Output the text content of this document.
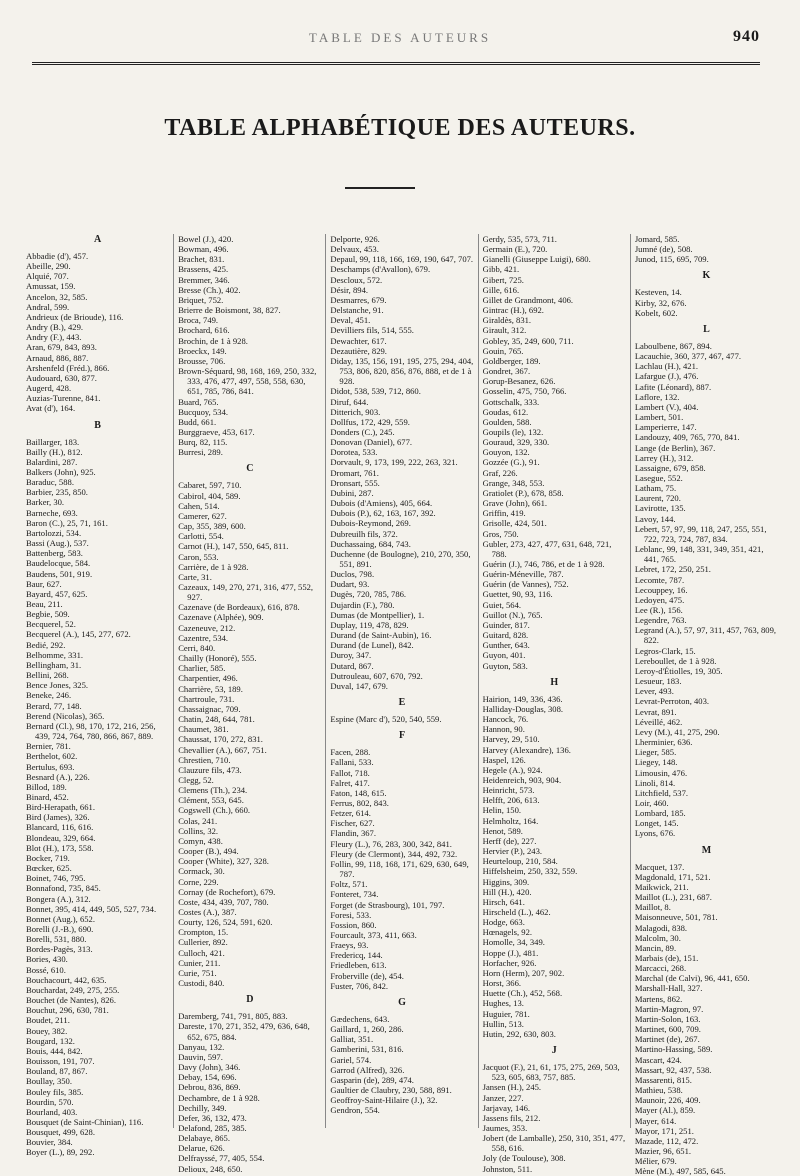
TABLE DES AUTEURS	940
TABLE ALPHABÉTIQUE DES AUTEURS.
A
Abbadie (d'), 457.
Abeille, 290.
Alquié, 707.
Amussat, 159.
Ancelon, 32, 585.
Andral, 599.
Andrieux (de Brioude), 116.
Andry (B.), 429.
Andry (F.), 443.
Aran, 679, 843, 893.
Arnaud, 886, 887.
Arshenfeld (Fréd.), 866.
Audouard, 630, 877.
Augerd, 428.
Auzias-Turenne, 841.
Avat (d'), 164.
B
Baillarger, 183.
Bailly (H.), 812.
Balardini, 287.
Balkers (John), 925.
Baraduc, 588.
Barbier, 235, 850.
Barker, 30.
Barneche, 693.
Baron (C.), 25, 71, 161.
Bartolozzi, 534.
Bassi (Aug.), 537.
Battenberg, 583.
Baudelocque, 584.
Baudens, 501, 919.
Baur, 627.
Bayard, 457, 625.
Beau, 211.
Begbie, 509.
Becquerel, 52.
Becquerel (A.), 145, 277, 672.
Bedié, 292.
Belhomme, 331.
Bellingham, 31.
Bellini, 268.
Bence Jones, 325.
Beneke, 246.
Berard, 77, 148.
Berend (Nicolas), 365.
Bernard (Cl.), 98, 170, 172, 216, 256, 439, 724, 764, 780, 866, 867, 889.
Bernier, 781.
Berthelot, 602.
Bertulus, 693.
Besnard (A.), 226.
Billod, 189.
Binard, 452.
Bird-Herapath, 661.
Bird (James), 326.
Blancard, 116, 616.
Blondeau, 329, 664.
Blot (H.), 173, 558.
Bocker, 719.
Bœcker, 625.
Boinet, 746, 795.
Bonnafond, 735, 845.
Bongera (A.), 312.
Bonnet, 395, 414, 449, 505, 527, 734.
Bonnet (Aug.), 652.
Borelli (J.-B.), 690.
Borelli, 531, 880.
Bordes-Pagès, 313.
Bories, 430.
Bossé, 610.
Bouchacourt, 442, 635.
Bouchardat, 249, 275, 255.
Bouchet (de Nantes), 826.
Bouchut, 296, 630, 781.
Boudet, 211.
Bouey, 382.
Bougard, 132.
Bouis, 444, 842.
Bouisson, 191, 707.
Bouland, 87, 867.
Boullay, 350.
Bouley fils, 385.
Bourdin, 570.
Bourland, 403.
Bousquet (de Saint-Chinian), 116.
Bousquet, 499, 628.
Bouvier, 384.
Boyer (L.), 89, 292.
Bowel (J.), 420.
Bowman, 496.
Brachet, 831.
Brassens, 425.
Bremmer, 346.
Bresse (Ch.), 402.
Briquet, 752.
Brierre de Boismont, 38, 827.
Broca, 749.
Brochard, 616.
Brochin, de 1 à 928.
Broeckx, 149.
Brousse, 706.
Brown-Séquard, 98, 168, 169, 250, 332, 333, 476, 477, 497, 558, 558, 630, 651, 785, 786, 841.
Buard, 765.
Bucquoy, 534.
Budd, 661.
Burggraeve, 453, 617.
Burq, 82, 115.
Burresi, 289.
C
Cabaret, 597, 710.
Cabirol, 404, 589.
Cahen, 514.
Camerer, 627.
Cap, 355, 389, 600.
Carlotti, 554.
Carnot (H.), 147, 550, 645, 811.
Caron, 553.
Carrière, de 1 à 928.
Carte, 31.
Cazeaux, 149, 270, 271, 316, 477, 552, 927.
Cazenave (de Bordeaux), 616, 878.
Cazenave (Alphée), 909.
Cazeneuve, 212.
Cazentre, 534.
Cerri, 840.
Chailly (Honoré), 555.
Charlier, 585.
Charpentier, 496.
Charrière, 53, 189.
Chartroule, 731.
Chassaignac, 709.
Chatin, 248, 644, 781.
Chaumet, 381.
Chaussat, 170, 272, 831.
Chevallier (A.), 667, 751.
Chrestien, 710.
Clauzure fils, 473.
Clegg, 52.
Clemens (Th.), 234.
Clément, 553, 645.
Cogswell (Ch.), 660.
Colas, 241.
Collins, 32.
Comyn, 438.
Cooper (B.), 494.
Cooper (White), 327, 328.
Cormack, 30.
Corne, 229.
Cornay (de Rochefort), 679.
Coste, 434, 439, 707, 780.
Costes (A.), 387.
Courty, 126, 524, 591, 620.
Crompton, 15.
Cullerier, 892.
Culloch, 421.
Cunier, 211.
Curie, 751.
Custodi, 840.
D
Daremberg, 741, 791, 805, 883.
Dareste, 170, 271, 352, 479, 636, 648, 652, 675, 884.
Danyau, 132.
Dauvin, 597.
Davy (John), 346.
Debay, 154, 696.
Debrou, 836, 869.
Dechambre, de 1 à 928.
Dechilly, 349.
Defer, 36, 132, 473.
Delafond, 285, 385.
Delabaye, 865.
Delarue, 626.
Delfrayssé, 77, 405, 554.
Delioux, 248, 650.
Delporte, 926.
Delvaux, 453.
Depaul, 99, 118, 166, 169, 190, 647, 707.
Deschamps (d'Avallon), 679.
Descloux, 572.
Désir, 894.
Desmarres, 679.
Delstanche, 91.
Deval, 451.
Devilliers fils, 514, 555.
Dewachter, 617.
Dezautière, 829.
Diday, 135, 156, 191, 195, 275, 294, 404, 753, 806, 820, 856, 876, 888, et de 1 à 928.
Didot, 538, 539, 712, 860.
Diruf, 644.
Ditterich, 903.
Dollfus, 172, 429, 559.
Donders (C.), 245.
Donovan (Daniel), 677.
Dorotea, 533.
Dorvault, 9, 173, 199, 222, 263, 321.
Dromart, 761.
Dronsart, 555.
Dubini, 287.
Dubois (d'Amiens), 405, 664.
Dubois (P.), 62, 163, 167, 392.
Dubois-Reymond, 269.
Dubreuilh fils, 372.
Duchassaing, 684, 743.
Duchenne (de Boulogne), 210, 270, 350, 551, 891.
Duclos, 798.
Dudart, 93.
Dugès, 720, 785, 786.
Dujardin (F.), 780.
Dumas (de Montpellier), 1.
Duplay, 119, 478, 829.
Durand (de Saint-Aubin), 16.
Durand (de Lunel), 842.
Duroy, 347.
Dutard, 867.
Dutrouleau, 607, 670, 792.
Duval, 147, 679.
E
Espine (Marc d'), 520, 540, 559.
F
Facen, 288.
Fallani, 533.
Fallot, 718.
Falret, 417.
Faton, 148, 615.
Ferrus, 802, 843.
Fetzer, 614.
Fischer, 627.
Flandin, 367.
Fleury (L.), 76, 283, 300, 342, 841.
Fleury (de Clermont), 344, 492, 732.
Follin, 99, 118, 168, 171, 629, 630, 649, 787.
Foltz, 571.
Fonteret, 734.
Forget (de Strasbourg), 101, 797.
Foresi, 533.
Fossion, 860.
Fourcault, 373, 411, 663.
Fraeys, 93.
Fredericq, 144.
Friedleben, 613.
Froberville (de), 454.
Fuster, 706, 842.
G
Gædechens, 643.
Gaillard, 1, 260, 286.
Galliat, 351.
Gamberini, 531, 816.
Gariel, 574.
Garrod (Alfred), 326.
Gasparin (de), 289, 474.
Gaultier de Claubry, 230, 588, 891.
Geoffroy-Saint-Hilaire (J.), 32.
Gendron, 554.
Gerdy, 535, 573, 711.
Germain (E.), 720.
Gianelli (Giuseppe Luigi), 680.
Gibb, 421.
Gibert, 725.
Gille, 616.
Gillet de Grandmont, 406.
Gintrac (H.), 692.
Giraldès, 831.
Girault, 312.
Gobley, 35, 249, 600, 711.
Gouin, 765.
Goldberger, 189.
Gondret, 367.
Gorup-Besanez, 626.
Gosselin, 475, 750, 766.
Gottschalk, 333.
Goudas, 612.
Goulden, 588.
Goupils (le), 132.
Gouraud, 329, 330.
Gouyon, 132.
Gozzée (G.), 91.
Graf, 226.
Grange, 348, 553.
Gratiolet (P.), 678, 858.
Grave (John), 661.
Griffin, 419.
Grisolle, 424, 501.
Gros, 750.
Gubler, 273, 427, 477, 631, 648, 721, 788.
Guérin (J.), 746, 786, et de 1 à 928.
Guérin-Méneville, 787.
Guérin (de Vannes), 752.
Guettet, 90, 93, 116.
Guiet, 564.
Guillot (N.), 765.
Guinder, 817.
Guitard, 828.
Gunther, 643.
Guyon, 401.
Guyton, 583.
H
Hairion, 149, 336, 436.
Halliday-Douglas, 308.
Hancock, 76.
Hannon, 90.
Harvey, 29, 510.
Harvey (Alexandre), 136.
Haspel, 126.
Hegele (A.), 924.
Heidenreich, 903, 904.
Heinricht, 573.
Helfft, 206, 613.
Helin, 150.
Helmholtz, 164.
Henot, 589.
Herff (de), 227.
Hervier (P.), 243.
Heurteloup, 210, 584.
Hiffelsheim, 250, 332, 559.
Higgins, 309.
Hill (H.), 420.
Hirsch, 641.
Hirscheld (L.), 462.
Hodge, 663.
Hœnagels, 92.
Homolle, 34, 349.
Hoppe (J.), 481.
Horfacher, 926.
Horn (Herm), 207, 902.
Horst, 366.
Huette (Ch.), 452, 568.
Hughes, 13.
Huguier, 781.
Hullin, 513.
Hutin, 292, 630, 803.
J
Jacquot (F.), 21, 61, 175, 275, 269, 503, 523, 605, 683, 757, 885.
Jansen (H.), 245.
Janzer, 227.
Jarjavay, 146.
Jassens fils, 212.
Jaumes, 353.
Jobert (de Lamballe), 250, 310, 351, 477, 558, 616.
Joly (de Toulouse), 308.
Johnston, 511.
Jomard, 585.
Jumné (de), 508.
Junod, 115, 695, 709.
K
Kesteven, 14.
Kirby, 32, 676.
Kobelt, 602.
L
Laboulbene, 867, 894.
Lacauchie, 360, 377, 467, 477.
Lachlau (H.), 421.
Lafargue (J.), 476.
Lafite (Léonard), 887.
Laflore, 132.
Lambert (V.), 404.
Lambert, 501.
Lamperierre, 147.
Landouzy, 409, 765, 770, 841.
Lange (de Berlin), 367.
Larrey (H.), 312.
Lassaigne, 679, 858.
Lasegue, 552.
Latham, 75.
Laurent, 720.
Lavirotte, 135.
Lavoy, 144.
Lebert, 57, 97, 99, 118, 247, 255, 551, 722, 723, 724, 787, 834.
Leblanc, 99, 148, 331, 349, 351, 421, 441, 765.
Lebret, 172, 250, 251.
Lecomte, 787.
Lecouppey, 16.
Ledoyen, 475.
Lee (R.), 156.
Legendre, 763.
Legrand (A.), 57, 97, 311, 457, 763, 809, 822.
Legros-Clark, 15.
Lereboullet, de 1 à 928.
Leroy-d'Étiolles, 19, 305.
Lesueur, 183.
Lever, 493.
Levrat-Perroton, 403.
Levrat, 891.
Léveillé, 462.
Levy (M.), 41, 275, 290.
Lherminier, 636.
Lieger, 585.
Liegey, 148.
Limousin, 476.
Linoli, 814.
Litchfield, 537.
Loir, 460.
Lombard, 185.
Longet, 145.
Lyons, 676.
M
Macquet, 137.
Magdonald, 171, 521.
Maikwick, 211.
Maillot (L.), 231, 687.
Maillot, 8.
Maisonneuve, 501, 781.
Malagodi, 838.
Malcolm, 30.
Mancin, 89.
Marbais (de), 151.
Marcacci, 268.
Marchal (de Calvi), 96, 441, 650.
Marshall-Hall, 327.
Martens, 862.
Martin-Magron, 97.
Martin-Solon, 163.
Martinet, 600, 709.
Martinet (de), 267.
Martino-Hassing, 589.
Mascart, 424.
Massart, 92, 437, 538.
Massarenti, 815.
Mathieu, 538.
Maunoir, 226, 409.
Mayer (Al.), 859.
Mayer, 614.
Mayor, 171, 251.
Mazade, 112, 472.
Mazier, 96, 651.
Mélier, 679.
Mène (M.), 497, 585, 645.
